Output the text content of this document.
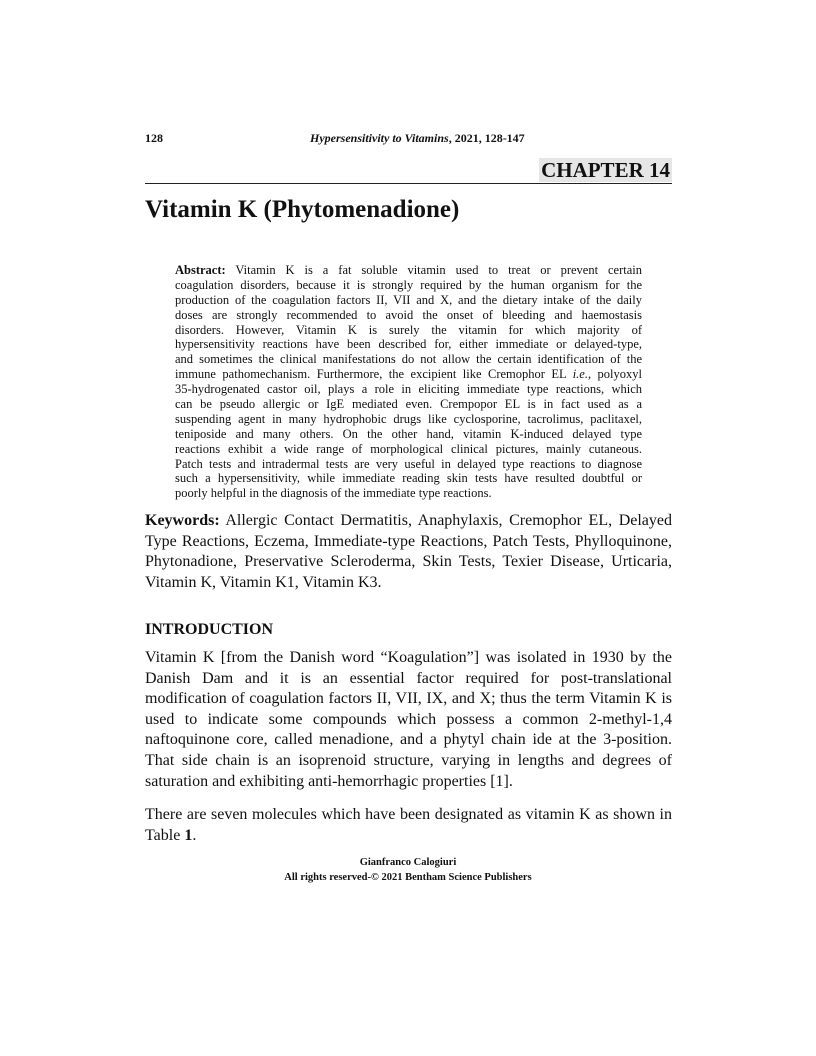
128	Hypersensitivity to Vitamins, 2021, 128-147
CHAPTER 14
Vitamin K (Phytomenadione)
Abstract: Vitamin K is a fat soluble vitamin used to treat or prevent certain
coagulation disorders, because it is strongly required by the human organism for the
production of the coagulation factors II, VII and X, and the dietary intake of the daily
doses are strongly recommended to avoid the onset of bleeding and haemostasis
disorders. However, Vitamin K is surely the vitamin for which majority of
hypersensitivity reactions have been described for, either immediate or delayed-type,
and sometimes the clinical manifestations do not allow the certain identification of the
immune pathomechanism. Furthermore, the excipient like Cremophor EL i.e., polyoxyl
35-hydrogenated castor oil, plays a role in eliciting immediate type reactions, which
can be pseudo allergic or IgE mediated even. Crempopor EL is in fact used as a
suspending agent in many hydrophobic drugs like cyclosporine, tacrolimus, paclitaxel,
teniposide and many others. On the other hand, vitamin K-induced delayed type
reactions exhibit a wide range of morphological clinical pictures, mainly cutaneous.
Patch tests and intradermal tests are very useful in delayed type reactions to diagnose
such a hypersensitivity, while immediate reading skin tests have resulted doubtful or
poorly helpful in the diagnosis of the immediate type reactions.
Keywords: Allergic Contact Dermatitis, Anaphylaxis, Cremophor EL, Delayed
Type Reactions, Eczema, Immediate-type Reactions, Patch Tests, Phylloquinone,
Phytonadione, Preservative Scleroderma, Skin Tests, Texier Disease, Urticaria,
Vitamin K, Vitamin K1, Vitamin K3.
INTRODUCTION
Vitamin K [from the Danish word “Koagulation”] was isolated in 1930 by the
Danish Dam and it is an essential factor required for post-translational
modification of coagulation factors II, VII, IX, and X; thus the term Vitamin K is
used to indicate some compounds which possess a common 2-methyl-1,4
naftoquinone core, called menadione, and a phytyl chain ide at the 3-position.
That side chain is an isoprenoid structure, varying in lengths and degrees of
saturation and exhibiting anti-hemorrhagic properties [1].
There are seven molecules which have been designated as vitamin K as shown in
Table 1.
Gianfranco Calogiuri
All rights reserved-© 2021 Bentham Science Publishers
